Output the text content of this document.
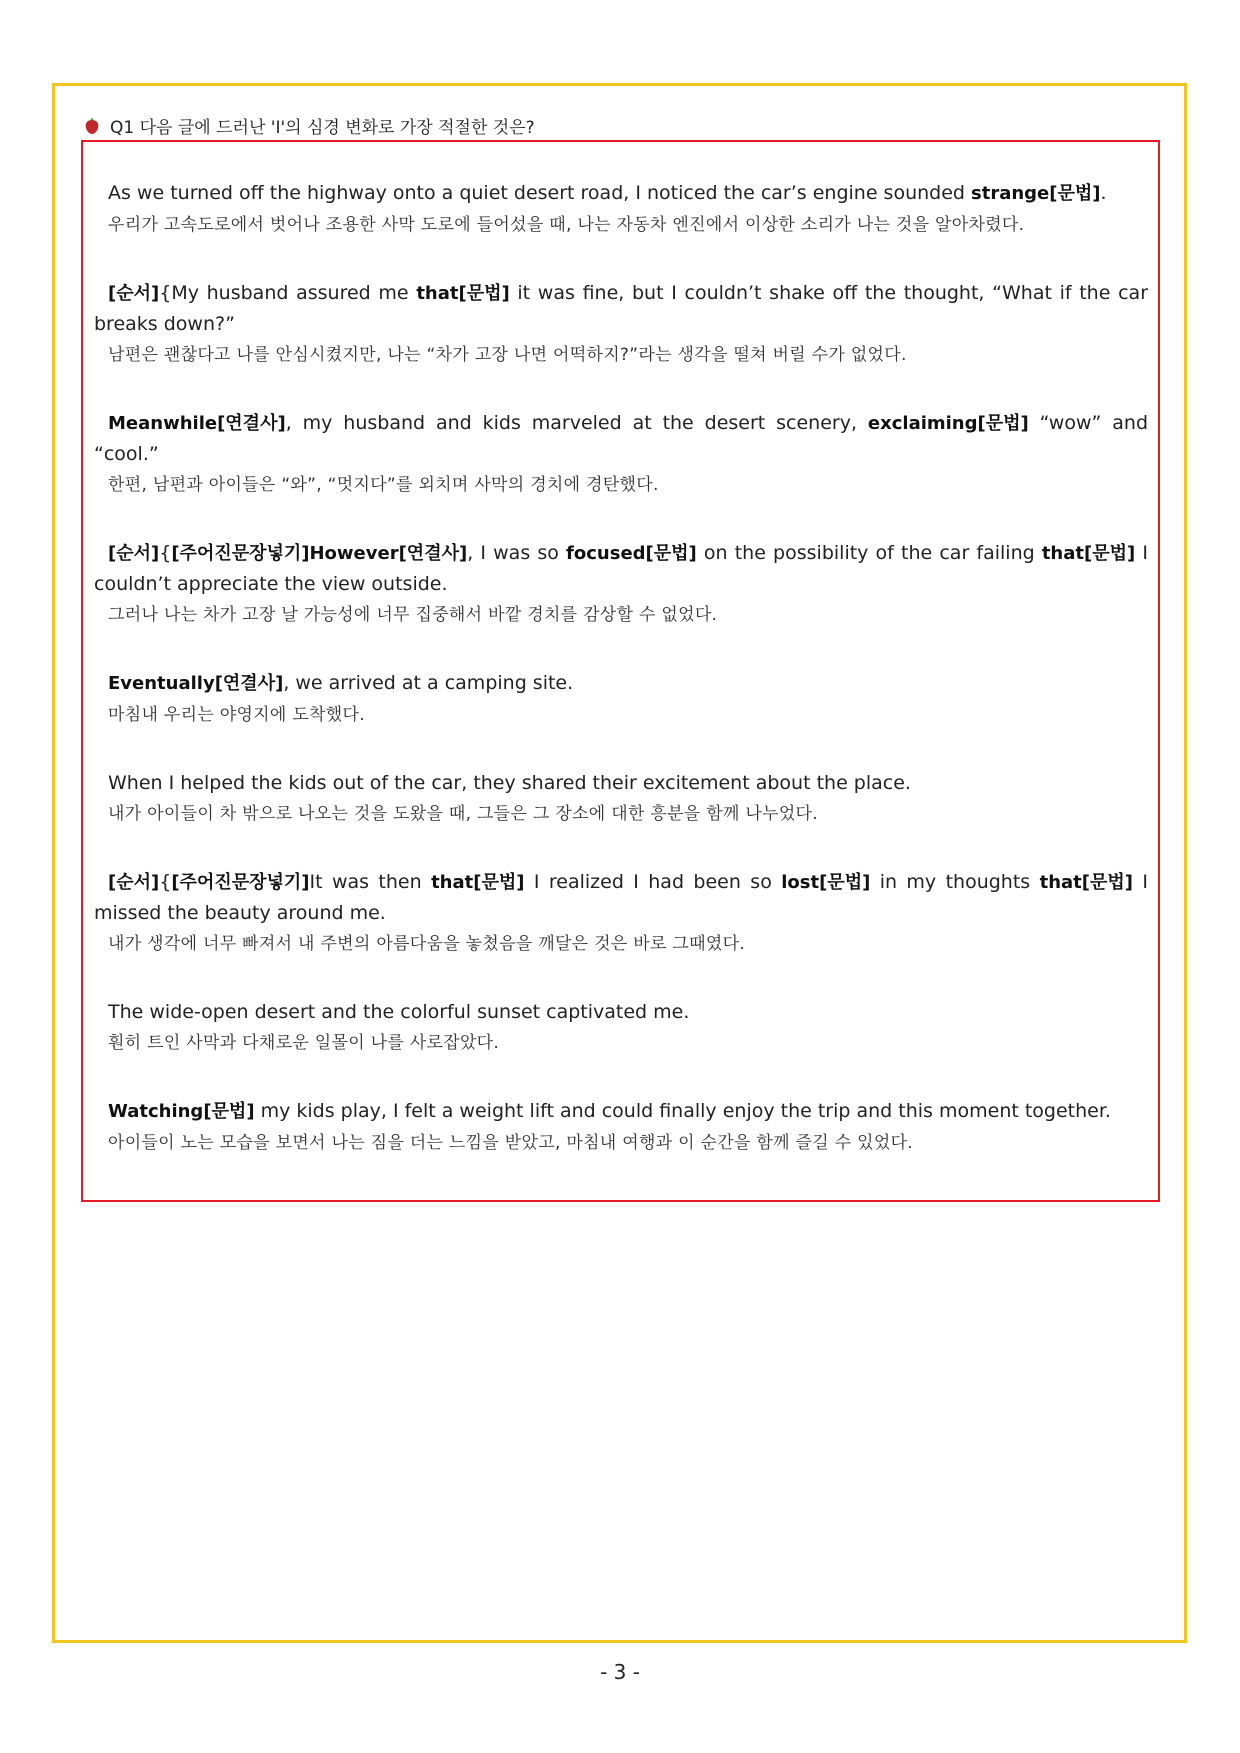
Q1 다음 글에 드러난 'I'의 심경 변화로 가장 적절한 것은?

As we turned off the highway onto a quiet desert road, I noticed the car’s engine sounded strange[문법].

우리가 고속도로에서 벗어나 조용한 사막 도로에 들어섰을 때, 나는 자동차 엔진에서 이상한 소리가 나는 것을 알아차렸다.

[순서]{My husband assured me that[문법] it was fine, but I couldn’t shake off the thought, “What if the car breaks down?”

남편은 괜찮다고 나를 안심시켰지만, 나는 “차가 고장 나면 어떡하지?”라는 생각을 떨쳐 버릴 수가 없었다.

Meanwhile[연결사], my husband and kids marveled at the desert scenery, exclaiming[문법] “wow” and “cool.”

한편, 남편과 아이들은 “와”, “멋지다”를 외치며 사막의 경치에 경탄했다.

[순서]{[주어진문장넣기]However[연결사], I was so focused[문법] on the possibility of the car failing that[문법] I couldn’t appreciate the view outside.

그러나 나는 차가 고장 날 가능성에 너무 집중해서 바깥 경치를 감상할 수 없었다.

Eventually[연결사], we arrived at a camping site.

마침내 우리는 야영지에 도착했다.

When I helped the kids out of the car, they shared their excitement about the place.

내가 아이들이 차 밖으로 나오는 것을 도왔을 때, 그들은 그 장소에 대한 흥분을 함께 나누었다.

[순서]{[주어진문장넣기]It was then that[문법] I realized I had been so lost[문법] in my thoughts that[문법] I missed the beauty around me.

내가 생각에 너무 빠져서 내 주변의 아름다움을 놓쳤음을 깨달은 것은 바로 그때였다.

The wide-open desert and the colorful sunset captivated me.

훤히 트인 사막과 다채로운 일몰이 나를 사로잡았다.

Watching[문법] my kids play, I felt a weight lift and could finally enjoy the trip and this moment together.

아이들이 노는 모습을 보면서 나는 짐을 더는 느낌을 받았고, 마침내 여행과 이 순간을 함께 즐길 수 있었다.

- 3 -
